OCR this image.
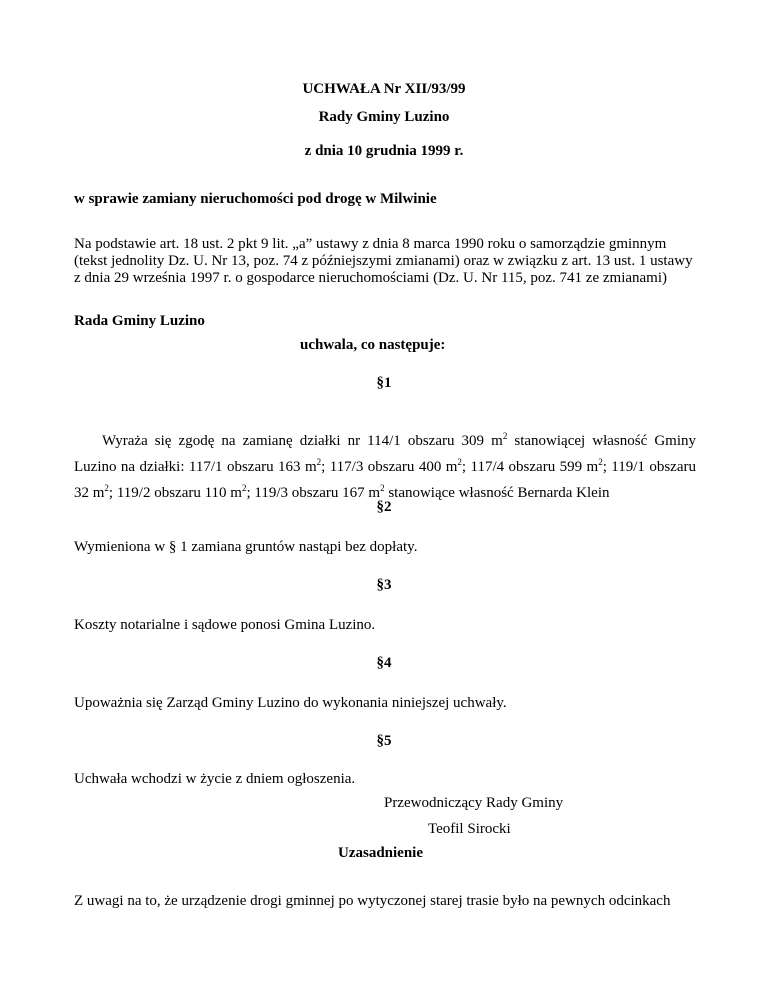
UCHWAŁA Nr XII/93/99
Rady Gminy Luzino
z dnia 10 grudnia 1999 r.
w sprawie zamiany nieruchomości pod drogę w Milwinie
Na podstawie art. 18 ust. 2 pkt 9 lit. „a” ustawy z dnia 8 marca 1990 roku o samorządzie gminnym (tekst jednolity Dz. U. Nr 13, poz. 74 z późniejszymi zmianami) oraz w związku z art. 13 ust. 1 ustawy z dnia 29 września 1997 r. o gospodarce nieruchomościami (Dz. U. Nr 115, poz. 741 ze zmianami)
Rada Gminy Luzino
uchwala, co następuje:
§1
Wyraża się zgodę na zamianę działki nr 114/1 obszaru 309 $m^2$ stanowiącej własność Gminy Luzino na działki: 117/1 obszaru 163 $m^2$; 117/3 obszaru 400 $m^2$; 117/4 obszaru 599 $m^2$; 119/1 obszaru 32 $m^2$; 119/2 obszaru 110 $m^2$; 119/3 obszaru 167 $m^2$ stanowiące własność Bernarda Klein
§2
Wymieniona w § 1 zamiana gruntów nastąpi bez dopłaty.
§3
Koszty notarialne i sądowe ponosi Gmina Luzino.
§4
Upoważnia się Zarząd Gminy Luzino do wykonania niniejszej uchwały.
§5
Uchwała wchodzi w życie z dniem ogłoszenia.
Przewodniczący Rady Gminy
Teofil Sirocki
Uzasadnienie
Z uwagi na to, że urządzenie drogi gminnej po wytyczonej starej trasie było na pewnych odcinkach
